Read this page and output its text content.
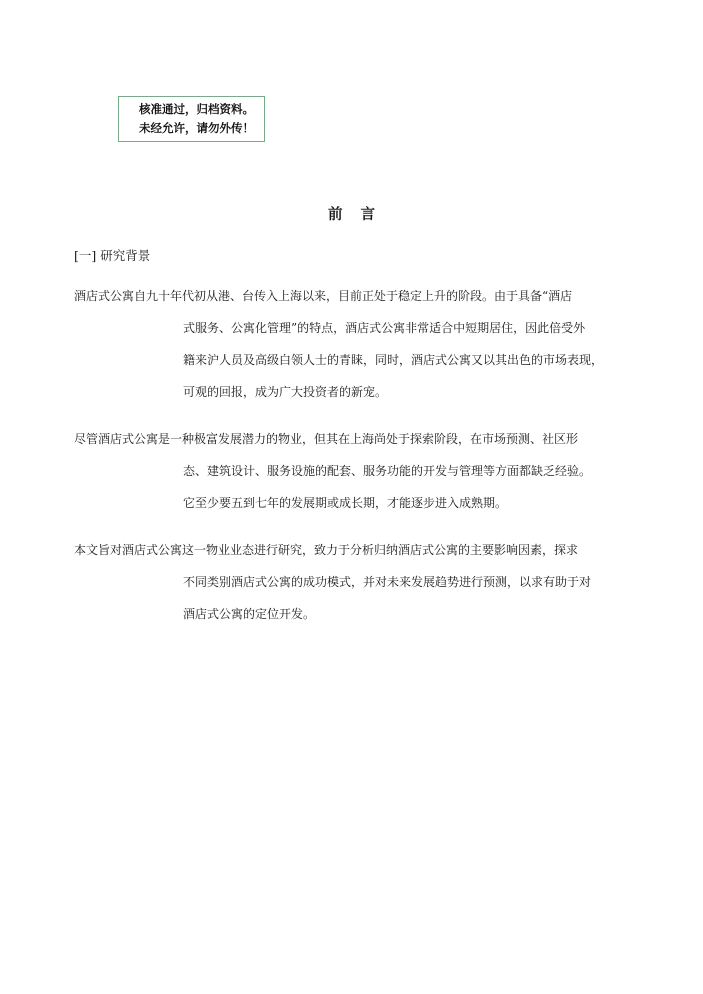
核准通过，归档资料。
未经允许，请勿外传！
前言
[一] 研究背景
酒店式公寓自九十年代初从港、台传入上海以来，目前正处于稳定上升的阶段。由于具备“酒店
式服务、公寓化管理”的特点，酒店式公寓非常适合中短期居住，因此倍受外
籍来沪人员及高级白领人士的青睐，同时，酒店式公寓又以其出色的市场表现，
可观的回报，成为广大投资者的新宠。
尽管酒店式公寓是一种极富发展潜力的物业，但其在上海尚处于探索阶段，在市场预测、社区形
态、建筑设计、服务设施的配套、服务功能的开发与管理等方面都缺乏经验。
它至少要五到七年的发展期或成长期，才能逐步进入成熟期。
本文旨对酒店式公寓这一物业业态进行研究，致力于分析归纳酒店式公寓的主要影响因素，探求
不同类别酒店式公寓的成功模式，并对未来发展趋势进行预测，以求有助于对
酒店式公寓的定位开发。
